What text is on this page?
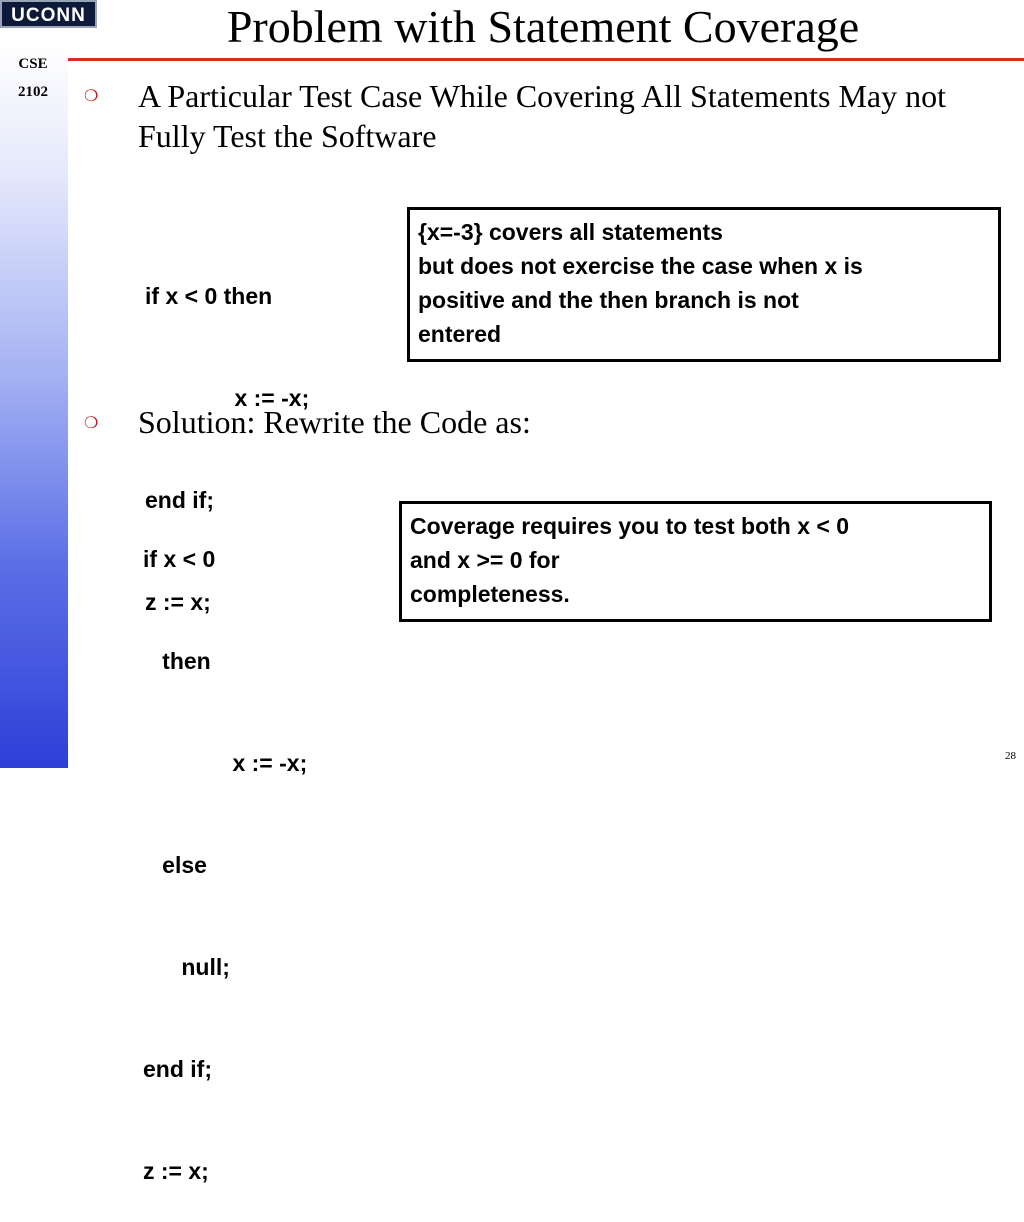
UCONN	Problem with Statement Coverage
CSE
2102	❍ A Particular Test Case While Covering All Statements May not Fully Test the Software

if x < 0 then

x := -x;

end if;

z := x;

{x=-3} covers all statements
but does not exercise the case when x is
positive and the then branch is not
entered
❍ Solution: Rewrite the Code as:

if x < 0

then

x := -x;

else

null;

end if;

z := x;

Coverage requires you to test both x < 0
and x >= 0 for
completeness.
28
